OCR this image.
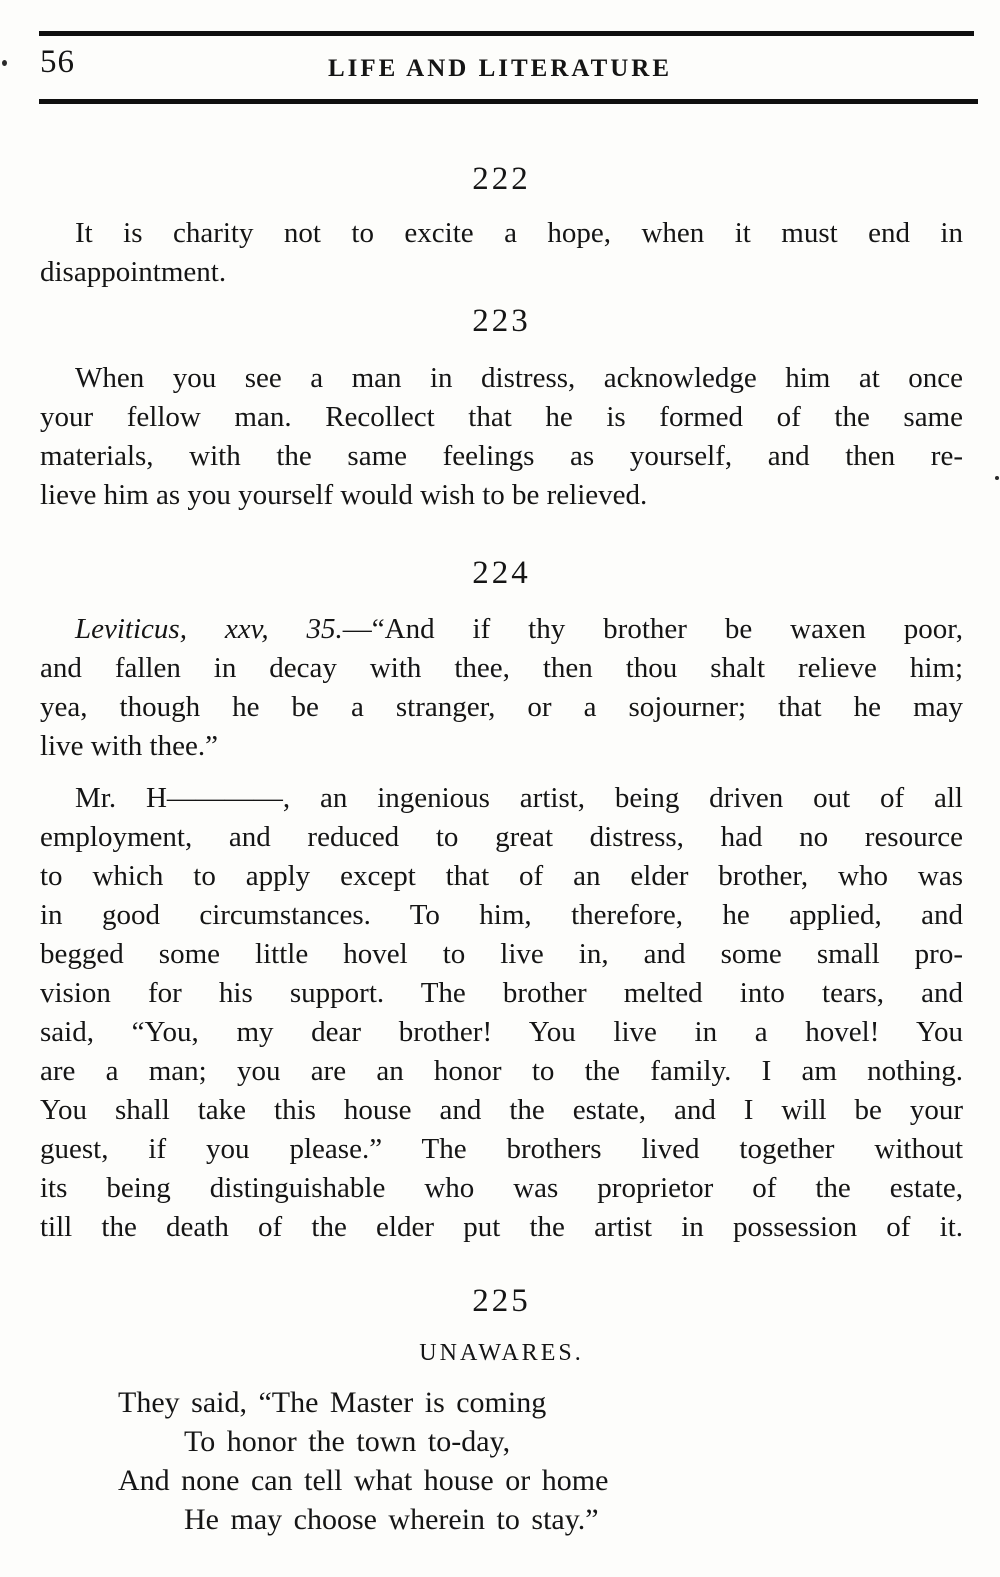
56	LIFE AND LITERATURE
222
It is charity not to excite a hope, when it must end in
disappointment.
223
When you see a man in distress, acknowledge him at once
your fellow man. Recollect that he is formed of the same
materials, with the same feelings as yourself, and then re-
lieve him as you yourself would wish to be relieved.
224
Leviticus, xxv, 35.—“And if thy brother be waxen poor,
and fallen in decay with thee, then thou shalt relieve him;
yea, though he be a stranger, or a sojourner; that he may
live with thee.”
Mr. H————, an ingenious artist, being driven out of all
employment, and reduced to great distress, had no resource
to which to apply except that of an elder brother, who was
in good circumstances. To him, therefore, he applied, and
begged some little hovel to live in, and some small pro-
vision for his support. The brother melted into tears, and
said, “You, my dear brother! You live in a hovel! You
are a man; you are an honor to the family. I am nothing.
You shall take this house and the estate, and I will be your
guest, if you please.” The brothers lived together without
its being distinguishable who was proprietor of the estate,
till the death of the elder put the artist in possession of it.
225
UNAWARES.
They said, “The Master is coming
To honor the town to-day,
And none can tell what house or home
He may choose wherein to stay.”
